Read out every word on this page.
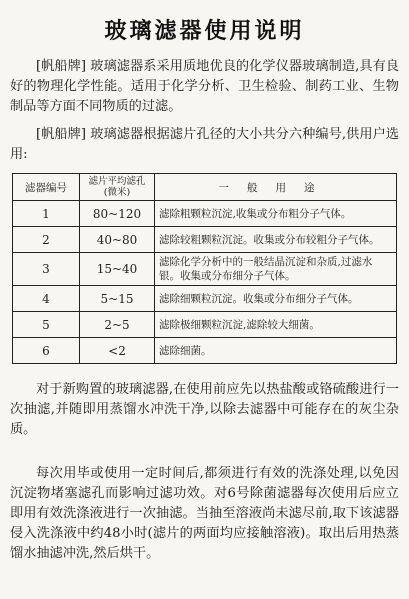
玻璃滤器使用说明

[帆船牌] 玻璃滤器系采用质地优良的化学仪器玻璃制造,具有良好的物理化学性能。适用于化学分析、卫生检验、制药工业、生物制品等方面不同物质的过滤。

[帆船牌] 玻璃滤器根据滤片孔径的大小共分六种编号,供用户选用:

滤器编号	滤片平均滤孔 (微米)	一般用途
1	80~120	滤除粗颗粒沉淀,收集或分布粗分子气体。
2	40~80	滤除较粗颗粒沉淀。收集或分布较粗分子气体。
3	15~40	滤除化学分析中的一般结晶沉淀和杂质,过滤水银。收集或分布细分子气体。
4	5~15	滤除细颗粒沉淀。收集或分布细分子气体。
5	2~5	滤除极细颗粒沉淀,滤除较大细菌。
6	<2	滤除细菌。

对于新购置的玻璃滤器,在使用前应先以热盐酸或铬硫酸进行一次抽滤,并随即用蒸馏水冲洗干净,以除去滤器中可能存在的灰尘杂质。

每次用毕或使用一定时间后,都须进行有效的洗涤处理,以免因沉淀物堵塞滤孔而影响过滤功效。对6号除菌滤器每次使用后应立即用有效洗涤液进行一次抽滤。当抽至溶液尚未滤尽前,取下该滤器侵入洗涤液中约48小时(滤片的两面均应接触溶液)。取出后用热蒸馏水抽滤冲洗,然后烘干。
